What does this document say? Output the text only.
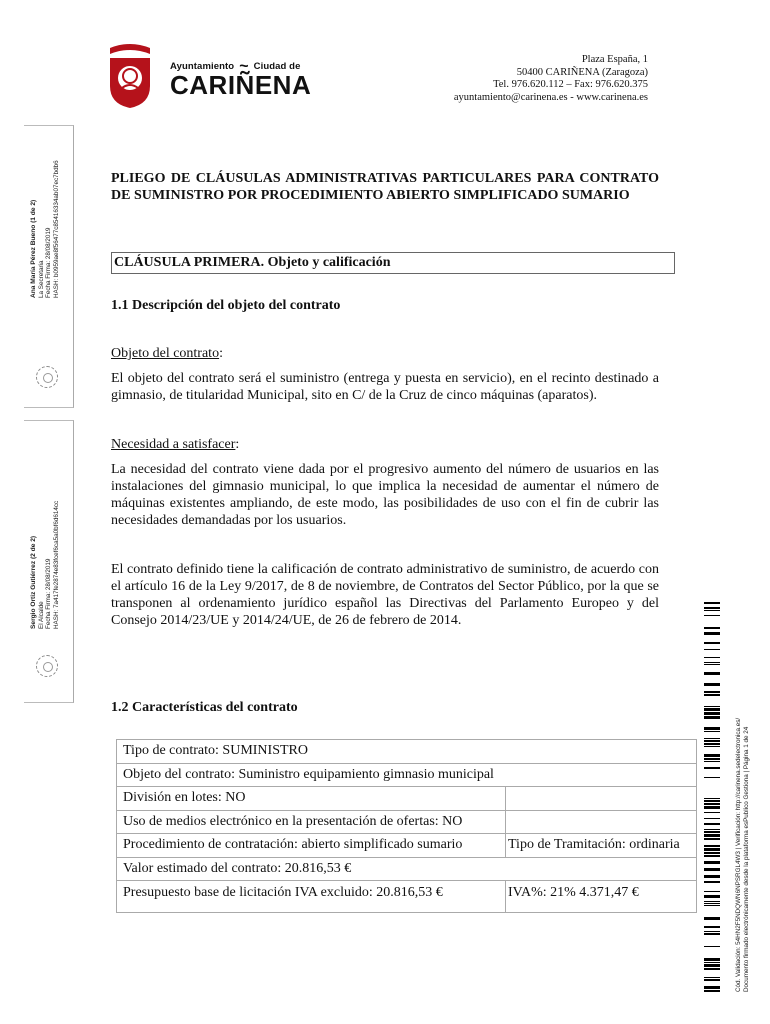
Ayuntamiento ~ Ciudad de
CARIÑENA
Plaza España, 1
50400 CARIÑENA (Zaragoza)
Tel. 976.620.112 – Fax: 976.620.375
ayuntamiento@carinena.es - www.carinena.es
Ana María Pérez Bueno (1 de 2) La Secretaria Fecha Firma: 28/08/2019 HASH: b0959ae8f56477c85416334ab07ec7bdb6
Sergio Ortiz Gutiérrez (2 de 2) El Alcalde Fecha Firma: 28/08/2019 HASH: 7a417fe2874e83fcef6ca5a0bf6d614cc
Cód. Validación: 54HN2F5NDQWN6NPSRGL4W3 | Verificación: http://carinena.sedelectronica.es/ Documento firmado electrónicamente desde la plataforma esPublico Gestiona | Página 1 de 24
PLIEGO DE CLÁUSULAS ADMINISTRATIVAS PARTICULARES PARA CONTRATO DE SUMINISTRO POR PROCEDIMIENTO ABIERTO SIMPLIFICADO SUMARIO
CLÁUSULA PRIMERA. Objeto y calificación
1.1 Descripción del objeto del contrato
Objeto del contrato:
El objeto del contrato será el suministro (entrega y puesta en servicio), en el recinto destinado a gimnasio, de titularidad Municipal, sito en C/ de la Cruz de cinco máquinas (aparatos).
Necesidad a satisfacer:
La necesidad del contrato viene dada por el progresivo aumento del número de usuarios en las instalaciones del gimnasio municipal, lo que implica la necesidad de aumentar el número de máquinas existentes ampliando, de este modo, las posibilidades de uso con el fin de cubrir las necesidades demandadas por los usuarios.
El contrato definido tiene la calificación de contrato administrativo de suministro, de acuerdo con el artículo 16 de la Ley 9/2017, de 8 de noviembre, de Contratos del Sector Público, por la que se transponen al ordenamiento jurídico español las Directivas del Parlamento Europeo y del Consejo 2014/23/UE y 2014/24/UE, de 26 de febrero de 2014.
1.2 Características del contrato
Tipo de contrato: SUMINISTRO	
Objeto del contrato: Suministro equipamiento gimnasio municipal	
División en lotes: NO	
Uso de medios electrónico en la presentación de ofertas: NO	
Procedimiento de contratación: abierto simplificado sumario	Tipo de Tramitación: ordinaria
Valor estimado del contrato: 20.816,53 €	
Presupuesto base de licitación IVA excluido: 20.816,53 €	IVA%: 21% 4.371,47 €
